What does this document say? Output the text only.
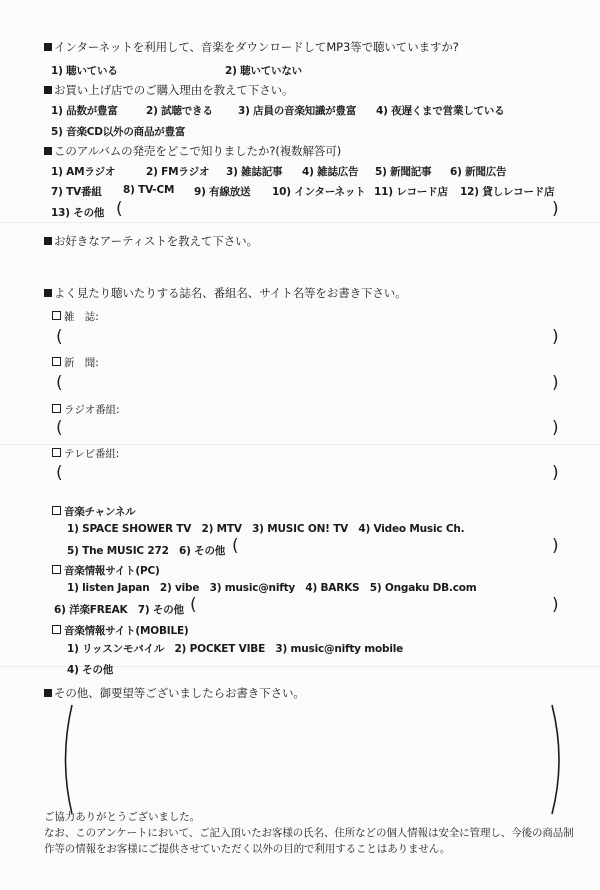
インターネットを利用して、音楽をダウンロードしてMP3等で聴いていますか?
1) 聴いている	2) 聴いていない
お買い上げ店でのご購入理由を教えて下さい。
1) 品数が豊富	2) 試聴できる 3) 店員の音楽知識が豊富 4) 夜遅くまで営業している
5) 音楽CD以外の商品が豊富
このアルバムの発売をどこで知りましたか?(複数解答可)
1) AMラジオ	2) FMラジオ 3) 雑誌記事 4) 雑誌広告 5) 新聞記事 6) 新聞広告
7) TV番組 8) TV-CM 9) 有線放送 10) インターネット 11) レコード店 12) 貸しレコード店
13) その他 (	)
お好きなアーティストを教えて下さい。
よく見たり聴いたりする誌名、番組名、サイト名等をお書き下さい。
雑　誌:
(	)
新　聞:
(	)
ラジオ番組:
(	)
テレビ番組:
(	)
音楽チャンネル
1) SPACE SHOWER TV　2) MTV　3) MUSIC ON! TV　4) Video Music Ch.
5) The MUSIC 272　6) その他 (	)
音楽情報サイト(PC)
1) listen Japan　2) vibe　3) music@nifty　4) BARKS　5) Ongaku DB.com
6) 洋楽FREAK　7) その他 (	)
音楽情報サイト(MOBILE)
1) リッスンモバイル　2) POCKET VIBE　3) music@nifty mobile
4) その他
その他、御要望等ございましたらお書き下さい。
ご協力ありがとうございました。
なお、このアンケートにおいて、ご記入頂いたお客様の氏名、住所などの個人情報は安全に管理し、今後の商品制
作等の情報をお客様にご提供させていただく以外の目的で利用することはありません。
